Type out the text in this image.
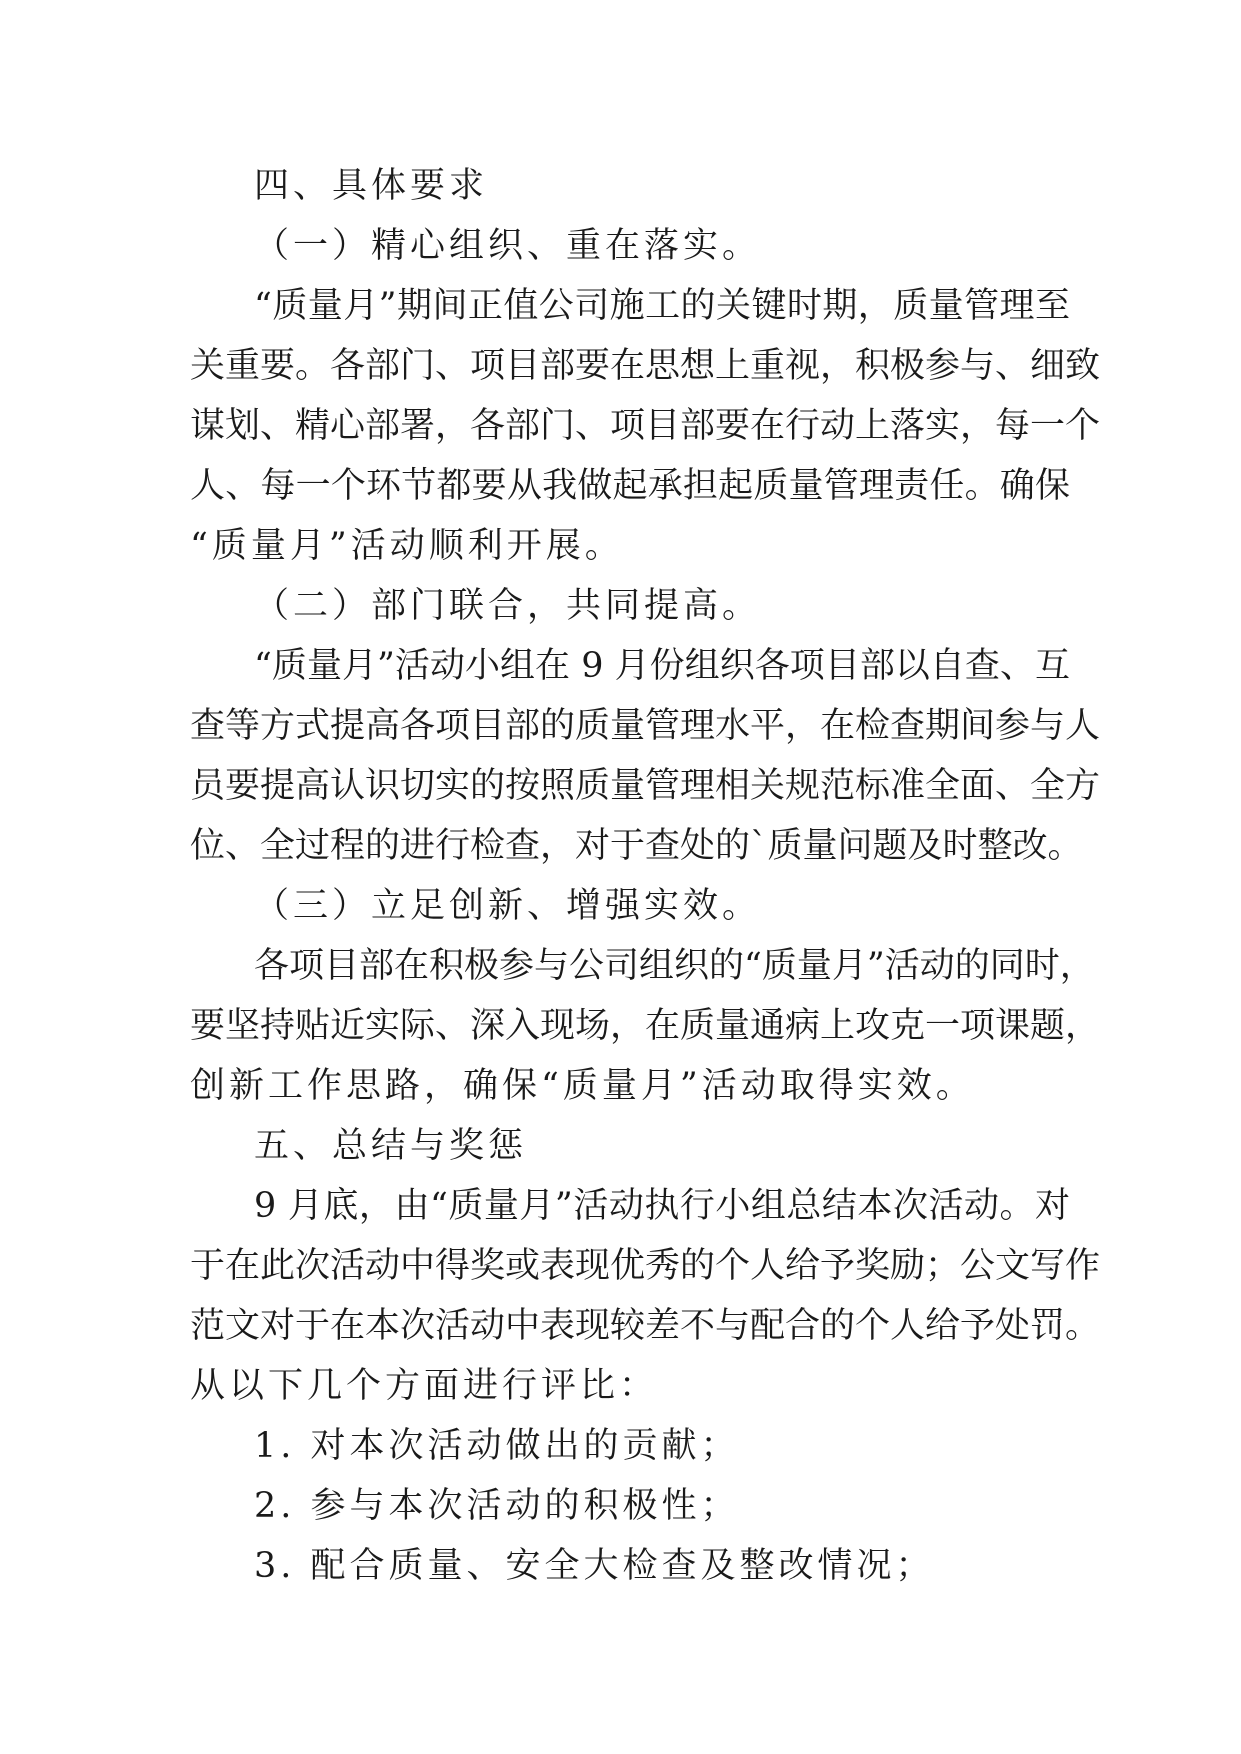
四、具体要求
（一）精心组织、重在落实。
“质量月”期间正值公司施工的关键时期，质量管理至
关重要。各部门、项目部要在思想上重视，积极参与、细致
谋划、精心部署，各部门、项目部要在行动上落实，每一个
人、每一个环节都要从我做起承担起质量管理责任。确保
“质量月”活动顺利开展。
（二）部门联合，共同提高。
“质量月”活动小组在 9 月份组织各项目部以自查、互
查等方式提高各项目部的质量管理水平，在检查期间参与人
员要提高认识切实的按照质量管理相关规范标准全面、全方
位、全过程的进行检查，对于查处的`质量问题及时整改。
（三）立足创新、增强实效。
各项目部在积极参与公司组织的“质量月”活动的同时，
要坚持贴近实际、深入现场，在质量通病上攻克一项课题，
创新工作思路，确保“质量月”活动取得实效。
五、总结与奖惩
9 月底，由“质量月”活动执行小组总结本次活动。对
于在此次活动中得奖或表现优秀的个人给予奖励；公文写作
范文对于在本次活动中表现较差不与配合的个人给予处罚。
从以下几个方面进行评比：
1. 对本次活动做出的贡献；
2. 参与本次活动的积极性；
3. 配合质量、安全大检查及整改情况；
